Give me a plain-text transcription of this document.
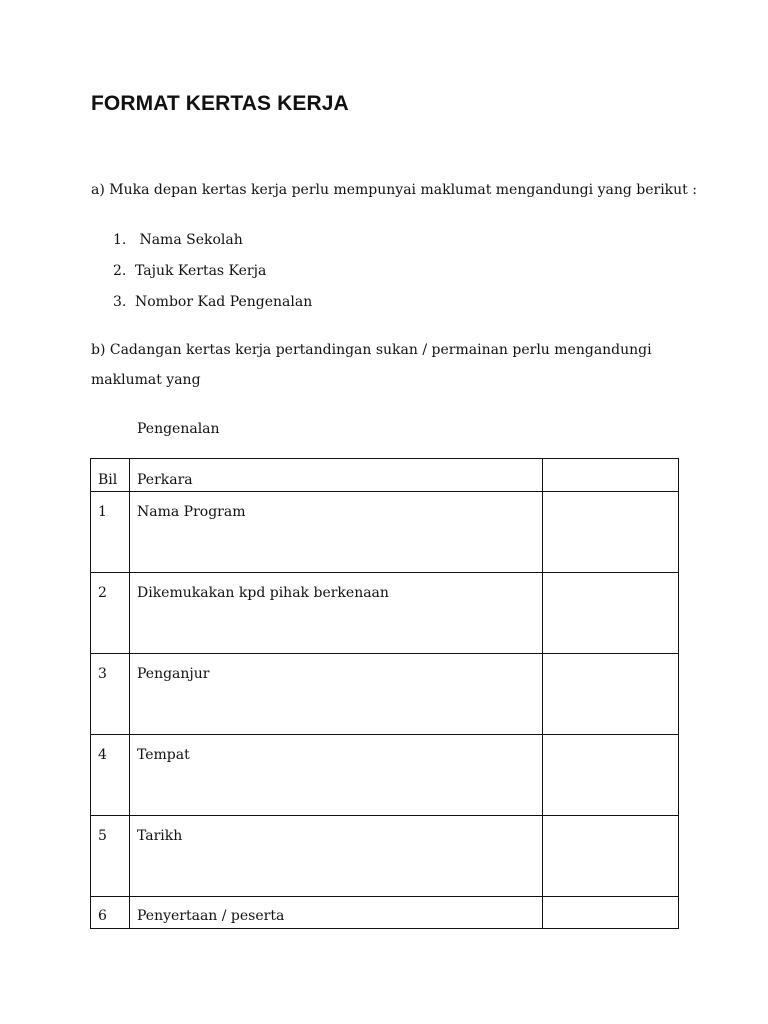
FORMAT KERTAS KERJA

a) Muka depan kertas kerja perlu mempunyai maklumat mengandungi yang berikut :

1. Nama Sekolah
2. Tajuk Kertas Kerja
3. Nombor Kad Pengenalan

b) Cadangan kertas kerja pertandingan sukan / permainan perlu mengandungi

maklumat yang

Pengenalan

Bil	Perkara	
1	Nama Program	
2	Dikemukakan kpd pihak berkenaan	
3	Penganjur	
4	Tempat	
5	Tarikh	
6	Penyertaan / peserta	
